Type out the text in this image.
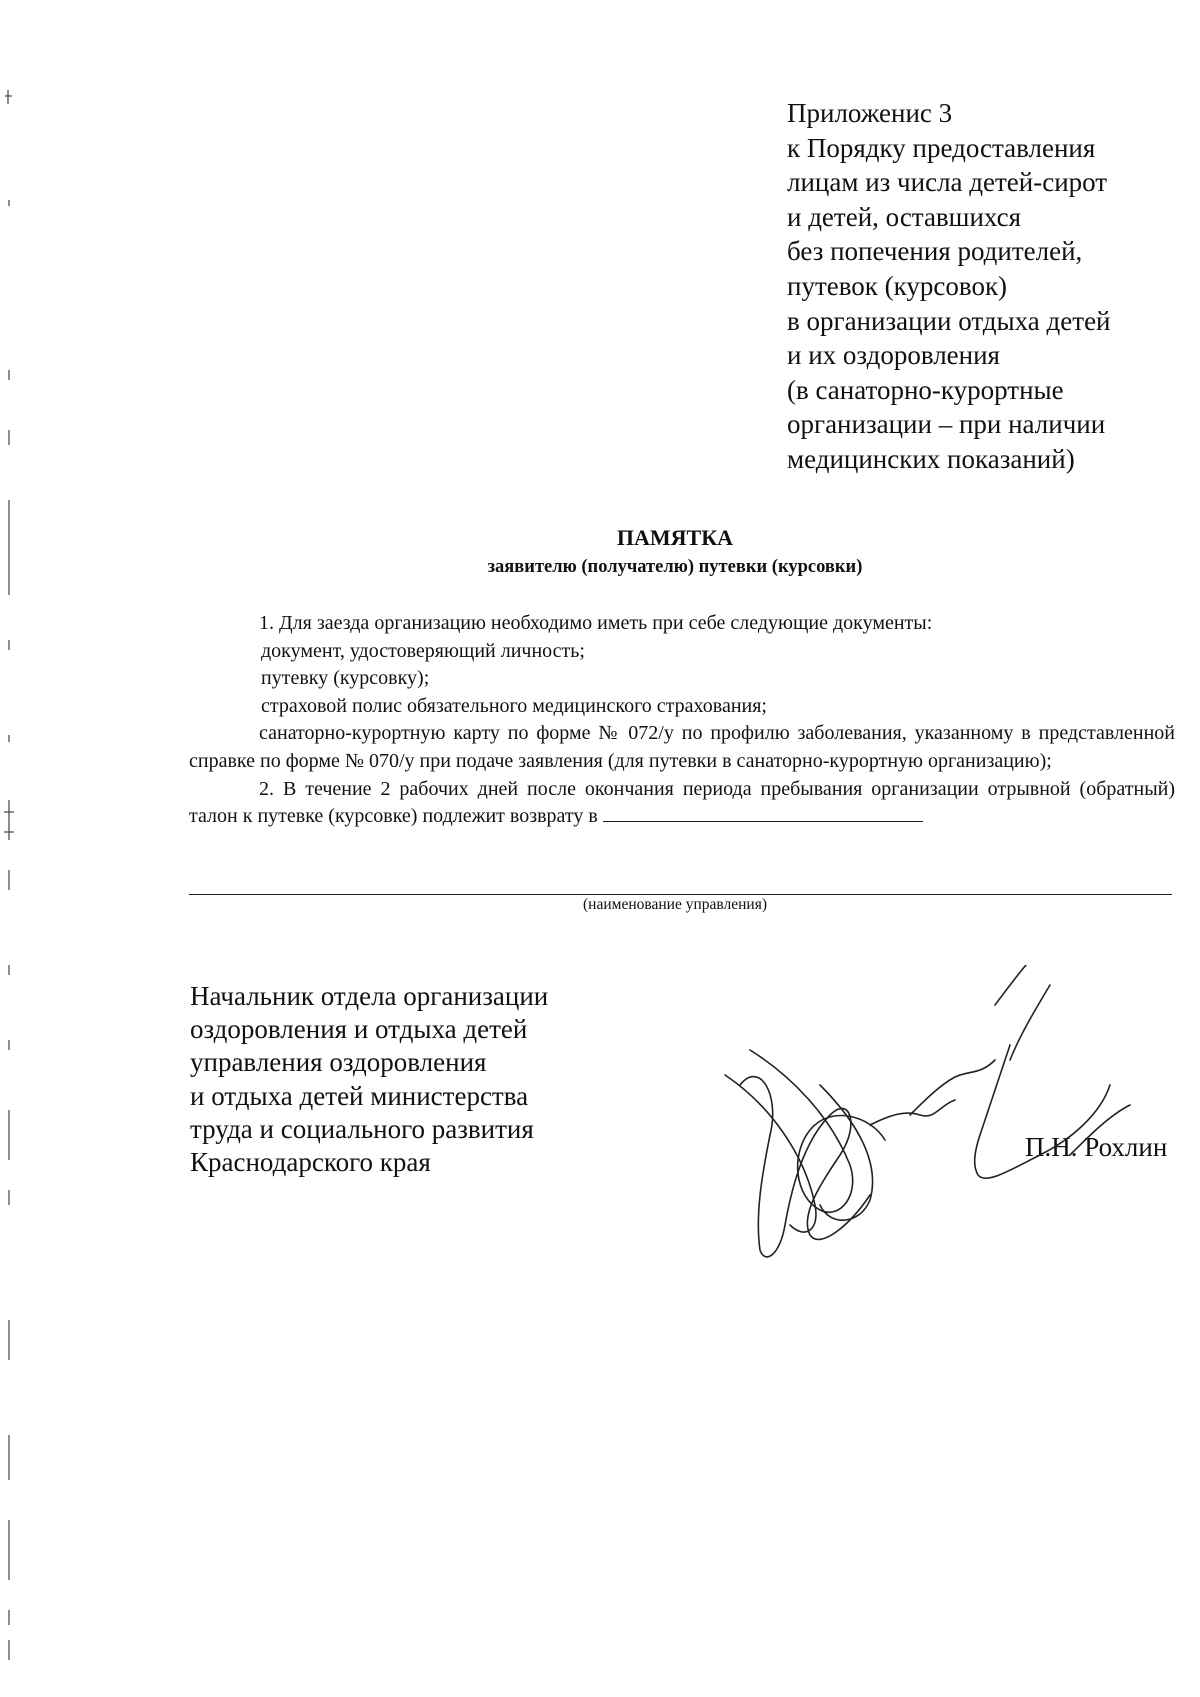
Приложенис 3
к Порядку предоставления
лицам из числа детей-сирот
и детей, оставшихся
без попечения родителей,
путевок (курсовок)
в организации отдыха детей
и их оздоровления
(в санаторно-курортные
организации – при наличии
медицинских показаний)
ПАМЯТКА
заявителю (получателю) путевки (курсовки)

1. Для заезда организацию необходимо иметь при себе следующие документы:

документ, удостоверяющий личность;

путевку (курсовку);

страховой полис обязательного медицинского страхования;

санаторно-курортную карту по форме № 072/у по профилю заболевания, указанному в представленной справке по форме № 070/у при подаче заявления (для путевки в санаторно-курортную организацию);

2. В течение 2 рабочих дней после окончания периода пребывания организации отрывной (обратный) талон к путевке (курсовке) подлежит возврату в

(наименование управления)
Начальник отдела организации
оздоровления и отдыха детей
управления оздоровления
и отдыха детей министерства
труда и социального развития
Краснодарского края
П.Н. Рохлин
